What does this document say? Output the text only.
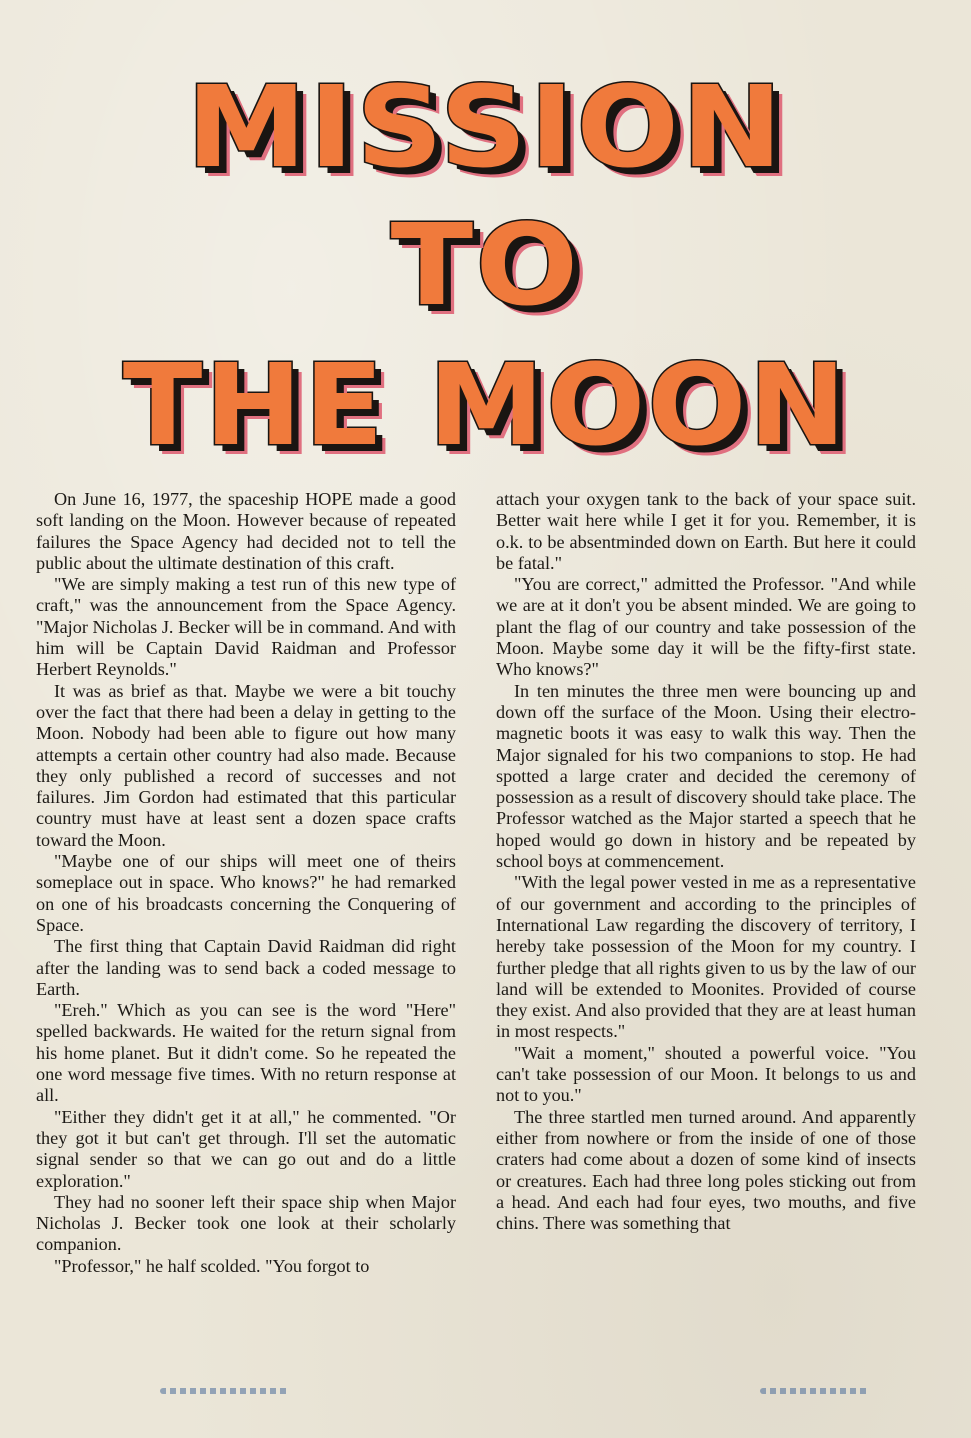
MISSION
TO
THE MOON

On June 16, 1977, the spaceship HOPE made a good soft landing on the Moon. However because of repeated failures the Space Agency had decided not to tell the public about the ultimate destination of this craft.

"We are simply making a test run of this new type of craft," was the announcement from the Space Agency. "Major Nicholas J. Becker will be in command. And with him will be Captain David Raidman and Professor Herbert Reynolds."

It was as brief as that. Maybe we were a bit touchy over the fact that there had been a delay in getting to the Moon. Nobody had been able to figure out how many attempts a certain other country had also made. Because they only published a record of successes and not failures. Jim Gordon had estimated that this particular country must have at least sent a dozen space crafts toward the Moon.

"Maybe one of our ships will meet one of theirs someplace out in space. Who knows?" he had remarked on one of his broadcasts concerning the Conquering of Space.

The first thing that Captain David Raidman did right after the landing was to send back a coded message to Earth.

"Ereh." Which as you can see is the word "Here" spelled backwards. He waited for the return signal from his home planet. But it didn't come. So he repeated the one word message five times. With no return response at all.

"Either they didn't get it at all," he commented. "Or they got it but can't get through. I'll set the automatic signal sender so that we can go out and do a little exploration."

They had no sooner left their space ship when Major Nicholas J. Becker took one look at their scholarly companion.

"Professor," he half scolded. "You forgot to

attach your oxygen tank to the back of your space suit. Better wait here while I get it for you. Remember, it is o.k. to be absentminded down on Earth. But here it could be fatal."

"You are correct," admitted the Professor. "And while we are at it don't you be absent minded. We are going to plant the flag of our country and take possession of the Moon. Maybe some day it will be the fifty-first state. Who knows?"

In ten minutes the three men were bouncing up and down off the surface of the Moon. Using their electro-magnetic boots it was easy to walk this way. Then the Major signaled for his two companions to stop. He had spotted a large crater and decided the ceremony of possession as a result of discovery should take place. The Professor watched as the Major started a speech that he hoped would go down in history and be repeated by school boys at commencement.

"With the legal power vested in me as a representative of our government and according to the principles of International Law regarding the discovery of territory, I hereby take possession of the Moon for my country. I further pledge that all rights given to us by the law of our land will be extended to Moonites. Provided of course they exist. And also provided that they are at least human in most respects."

"Wait a moment," shouted a powerful voice. "You can't take possession of our Moon. It belongs to us and not to you."

The three startled men turned around. And apparently either from nowhere or from the inside of one of those craters had come about a dozen of some kind of insects or creatures. Each had three long poles sticking out from a head. And each had four eyes, two mouths, and five chins. There was something that
